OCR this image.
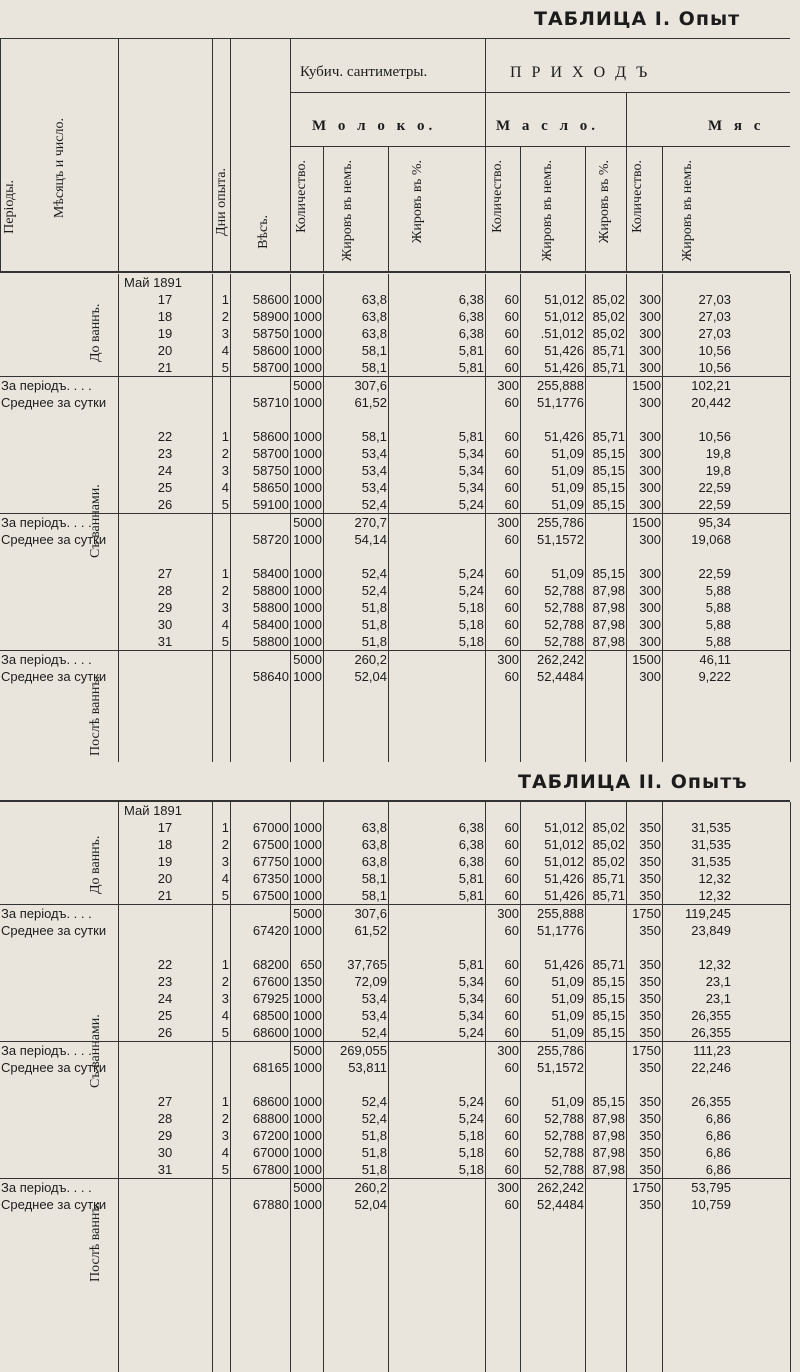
ТАБЛИЦА I. Опыт
Періоды.	Мѣсяцъ и число.	Дни опыта.	Вѣсъ.
Кубич. сантиметры.	П Р И Х О Д Ъ
М о л о к о.	М а с л о.	М я с
Количество.	Жировъ въ немъ.	Жировъ въ %.	Количество.	Жировъ въ немъ.	Жировъ въ %.	Количество.	Жировъ въ немъ.
До ваннъ.
Съ ваннами.
Послѣ ваннъ.
	Май 1891											
	17	1	58600	1000	63,8	6,38	60	51,012	85,02	300	27,03	
	18	2	58900	1000	63,8	6,38	60	51,012	85,02	300	27,03	
	19	3	58750	1000	63,8	6,38	60	.51,012	85,02	300	27,03	
	20	4	58600	1000	58,1	5,81	60	51,426	85,71	300	10,56	
	21	5	58700	1000	58,1	5,81	60	51,426	85,71	300	10,56	
За періодъ. . . .				5000	307,6		300	255,888		1500	102,21	
Среднее за сутки			58710	1000	61,52		60	51,1776		300	20,442	

	22	1	58600	1000	58,1	5,81	60	51,426	85,71	300	10,56	
	23	2	58700	1000	53,4	5,34	60	51,09	85,15	300	19,8	
	24	3	58750	1000	53,4	5,34	60	51,09	85,15	300	19,8	
	25	4	58650	1000	53,4	5,34	60	51,09	85,15	300	22,59	
	26	5	59100	1000	52,4	5,24	60	51,09	85,15	300	22,59	
За періодъ. . . .				5000	270,7		300	255,786		1500	95,34	
Среднее за сутки			58720	1000	54,14		60	51,1572		300	19,068	

	27	1	58400	1000	52,4	5,24	60	51,09	85,15	300	22,59	
	28	2	58800	1000	52,4	5,24	60	52,788	87,98	300	5,88	
	29	3	58800	1000	51,8	5,18	60	52,788	87,98	300	5,88	
	30	4	58400	1000	51,8	5,18	60	52,788	87,98	300	5,88	
	31	5	58800	1000	51,8	5,18	60	52,788	87,98	300	5,88	
За періодъ. . . .				5000	260,2		300	262,242		1500	46,11	
Среднее за сутки			58640	1000	52,04		60	52,4484		300	9,222	
ТАБЛИЦА II. Опытъ
До ваннъ.
Съ ваннами.
Послѣ ваннъ.
	Май 1891											
	17	1	67000	1000	63,8	6,38	60	51,012	85,02	350	31,535	
	18	2	67500	1000	63,8	6,38	60	51,012	85,02	350	31,535	
	19	3	67750	1000	63,8	6,38	60	51,012	85,02	350	31,535	
	20	4	67350	1000	58,1	5,81	60	51,426	85,71	350	12,32	
	21	5	67500	1000	58,1	5,81	60	51,426	85,71	350	12,32	
За періодъ. . . .				5000	307,6		300	255,888		1750	119,245	
Среднее за сутки			67420	1000	61,52		60	51,1776		350	23,849	

	22	1	68200	650	37,765	5,81	60	51,426	85,71	350	12,32	
	23	2	67600	1350	72,09	5,34	60	51,09	85,15	350	23,1	
	24	3	67925	1000	53,4	5,34	60	51,09	85,15	350	23,1	
	25	4	68500	1000	53,4	5,34	60	51,09	85,15	350	26,355	
	26	5	68600	1000	52,4	5,24	60	51,09	85,15	350	26,355	
За періодъ. . . .				5000	269,055		300	255,786		1750	111,23	
Среднее за сутки			68165	1000	53,811		60	51,1572		350	22,246	

	27	1	68600	1000	52,4	5,24	60	51,09	85,15	350	26,355	
	28	2	68800	1000	52,4	5,24	60	52,788	87,98	350	6,86	
	29	3	67200	1000	51,8	5,18	60	52,788	87,98	350	6,86	
	30	4	67000	1000	51,8	5,18	60	52,788	87,98	350	6,86	
	31	5	67800	1000	51,8	5,18	60	52,788	87,98	350	6,86	
За періодъ. . . .				5000	260,2		300	262,242		1750	53,795	
Среднее за сутки			67880	1000	52,04		60	52,4484		350	10,759	
